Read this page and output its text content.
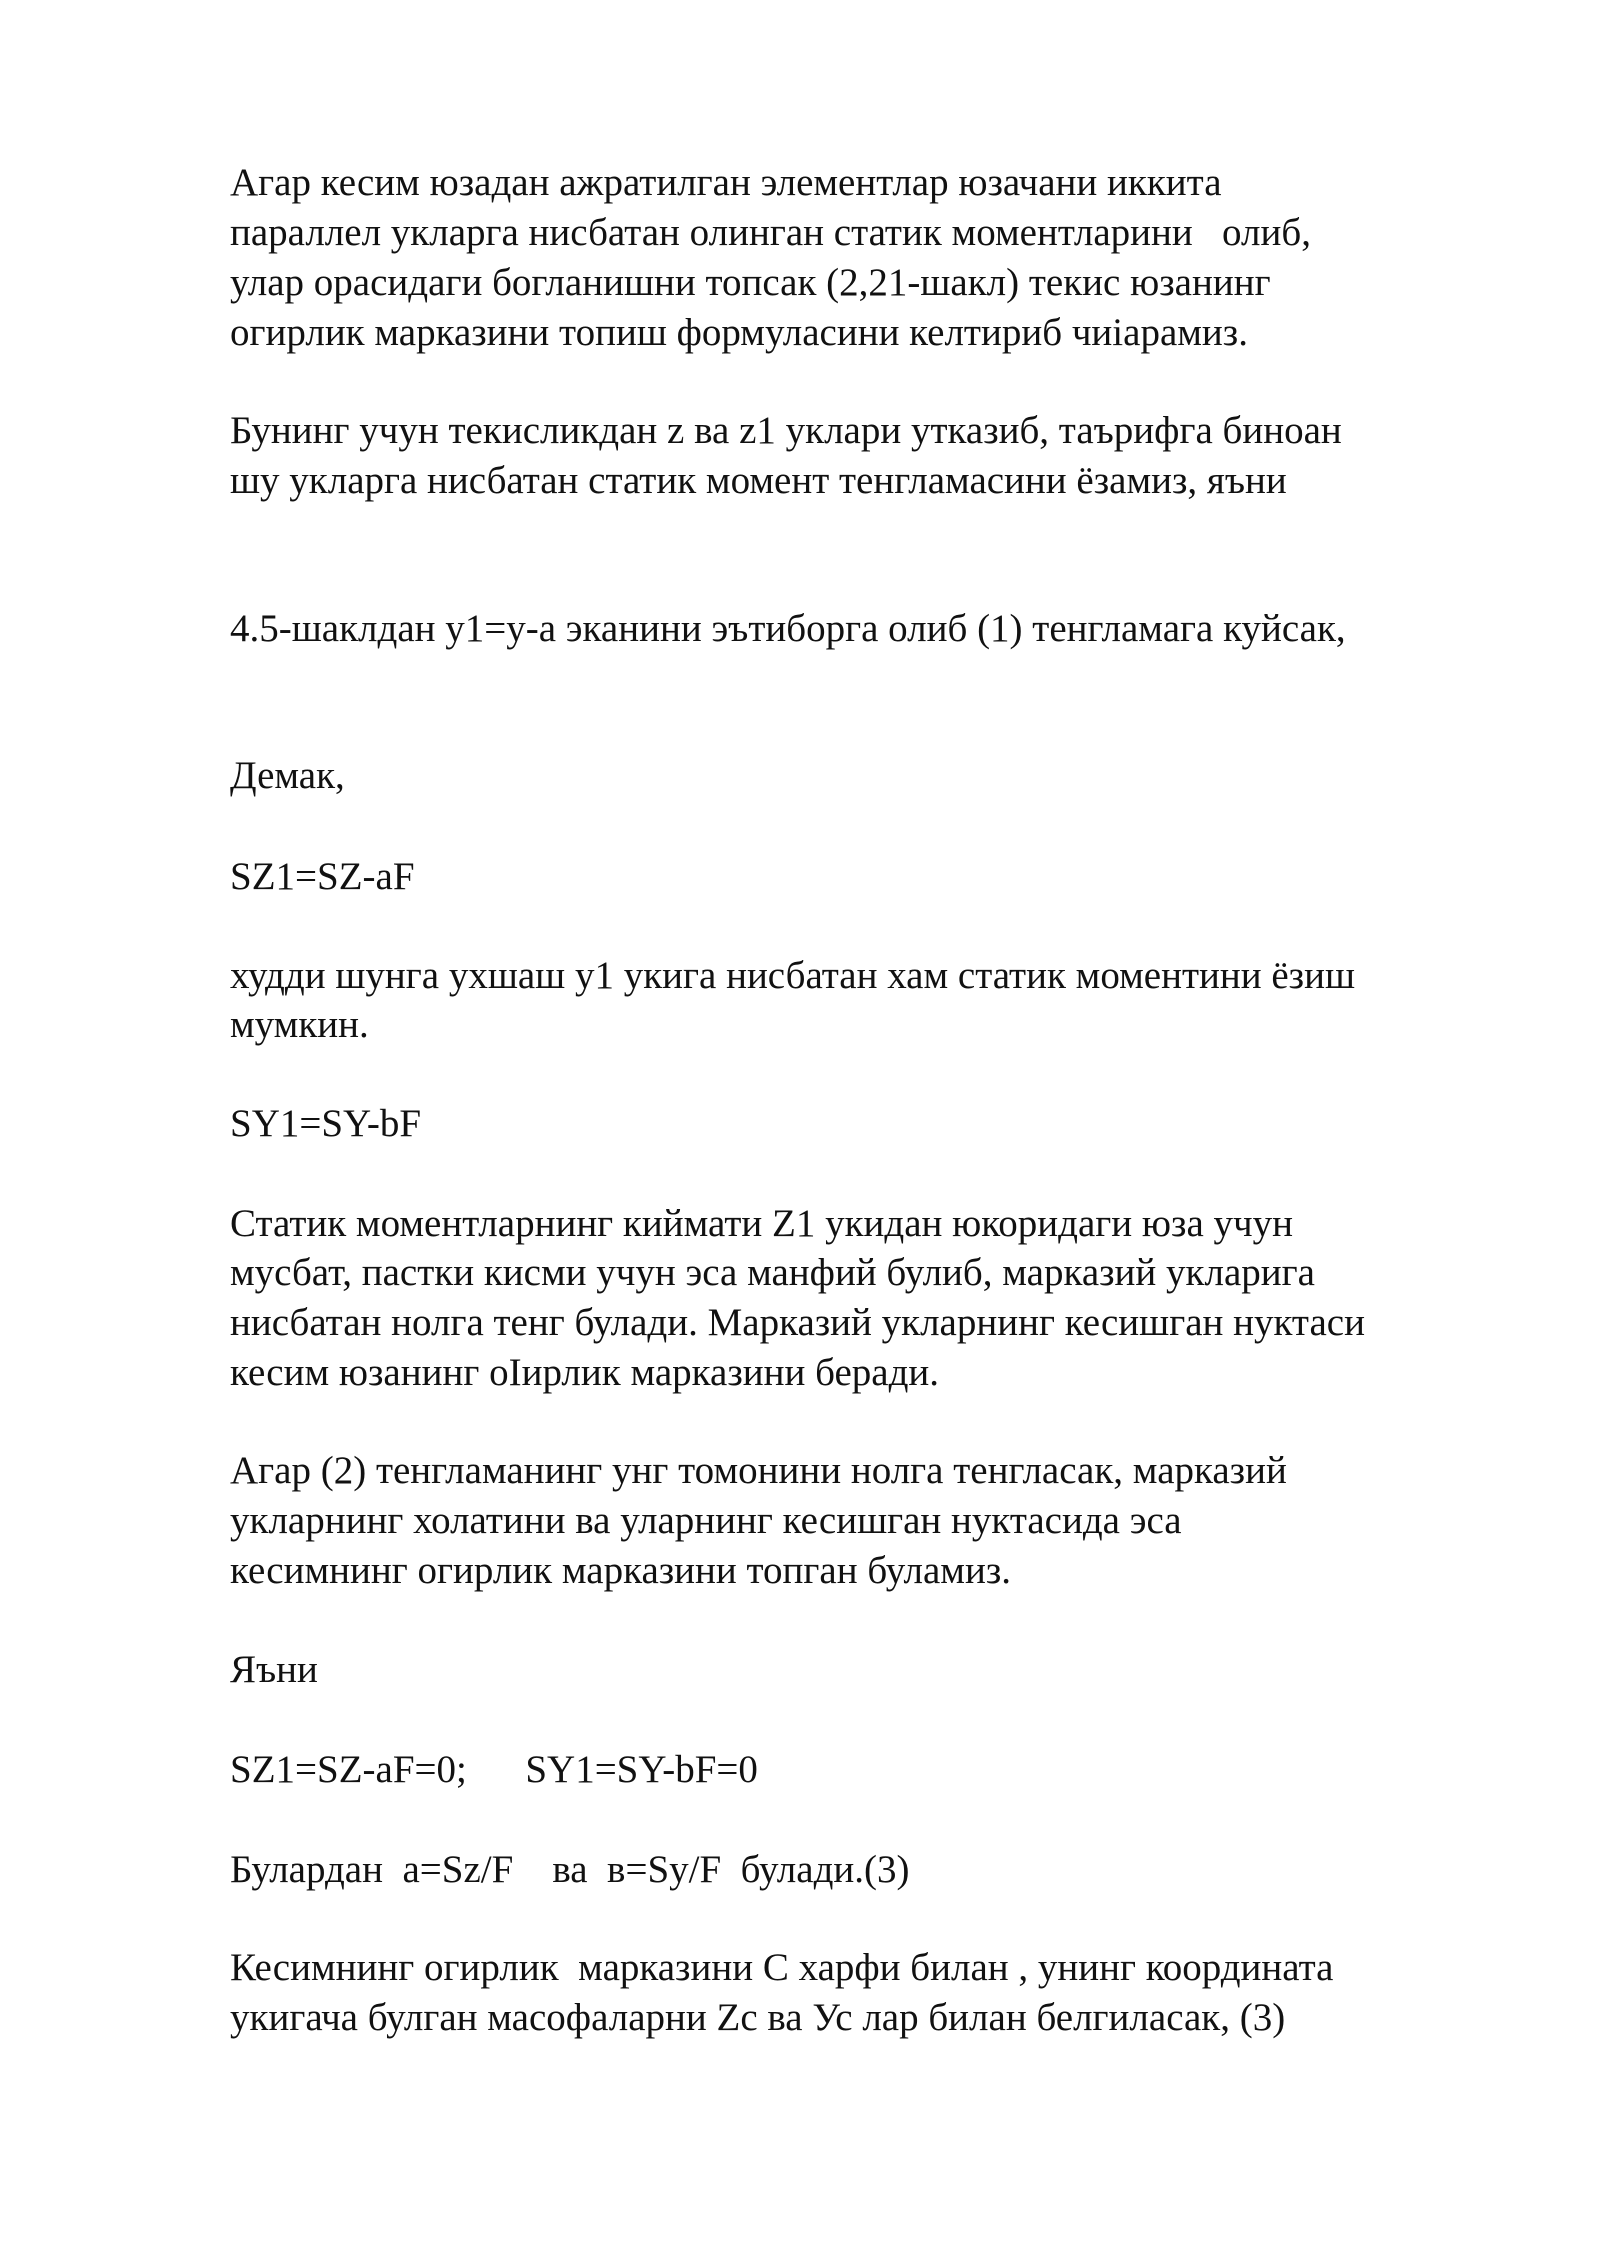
Агар кесим юзадан ажратилган элементлар юзачани иккита

параллел укларга нисбатан олинган статик моментларини   олиб,

улар орасидаги богланишни топсак (2,21-шакл) текис юзанинг

огирлик марказини топиш формуласини келтириб чиiарамиз.

Бунинг учун текисликдан z ва z1 уклари утказиб, таърифга биноан

шу укларга нисбатан статик момент тенгламасини ёзамиз, яъни

4.5-шаклдан y1=y-a эканини эътиборга олиб (1) тенгламага куйсак,

Демак,

SZ1=SZ-aF

худди шунга ухшаш y1 укига нисбатан хам статик моментини ёзиш

мумкин.

SY1=SY-bF

Статик моментларнинг киймати Z1 укидан юкоридаги юза учун

мусбат, пастки кисми учун эса манфий булиб, марказий укларига

нисбатан нолга тенг булади. Марказий укларнинг кесишган нуктаси

кесим юзанинг оIирлик марказини беради.

Агар (2) тенгламанинг унг томонини нолга тенгласак, марказий

укларнинг холатини ва уларнинг кесишган нуктасида эса

кесимнинг огирлик марказини топган буламиз.

Яъни

SZ1=SZ-aF=0;      SY1=SY-bF=0

Булардан  a=Sz/F    ва  в=Sy/F  булади.(3)

Кесимнинг огирлик  марказини С харфи билан , унинг координата

укигача булган масофаларни Zc ва Ус лар билан белгиласак, (3)
